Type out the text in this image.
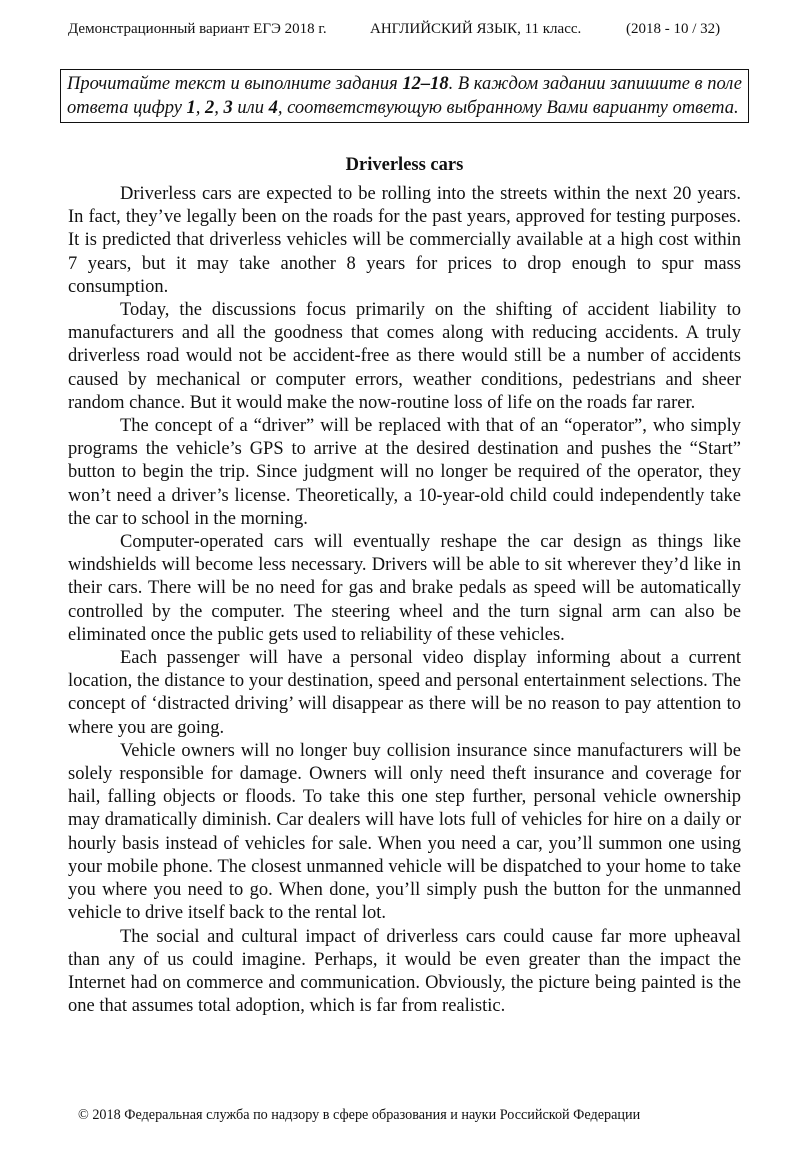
Демонстрационный вариант ЕГЭ 2018 г.	АНГЛИЙСКИЙ ЯЗЫК, 11 класс.	(2018 - 10 / 32)
Прочитайте текст и выполните задания 12–18. В каждом задании запишите в поле ответа цифру 1, 2, 3 или 4, соответствующую выбранному Вами варианту ответа.
Driverless cars

Driverless cars are expected to be rolling into the streets within the next 20 years. In fact, they’ve legally been on the roads for the past years, approved for testing purposes. It is predicted that driverless vehicles will be commercially available at a high cost within 7 years, but it may take another 8 years for prices to drop enough to spur mass consumption.

Today, the discussions focus primarily on the shifting of accident liability to manufacturers and all the goodness that comes along with reducing accidents. A truly driverless road would not be accident-free as there would still be a number of accidents caused by mechanical or computer errors, weather conditions, pedestrians and sheer random chance. But it would make the now-routine loss of life on the roads far rarer.

The concept of a “driver” will be replaced with that of an “operator”, who simply programs the vehicle’s GPS to arrive at the desired destination and pushes the “Start” button to begin the trip. Since judgment will no longer be required of the operator, they won’t need a driver’s license. Theoretically, a 10-year-old child could independently take the car to school in the morning.

Computer-operated cars will eventually reshape the car design as things like windshields will become less necessary. Drivers will be able to sit wherever they’d like in their cars. There will be no need for gas and brake pedals as speed will be automatically controlled by the computer. The steering wheel and the turn signal arm can also be eliminated once the public gets used to reliability of these vehicles.

Each passenger will have a personal video display informing about a current location, the distance to your destination, speed and personal entertainment selections. The concept of ‘distracted driving’ will disappear as there will be no reason to pay attention to where you are going.

Vehicle owners will no longer buy collision insurance since manufacturers will be solely responsible for damage. Owners will only need theft insurance and coverage for hail, falling objects or floods. To take this one step further, personal vehicle ownership may dramatically diminish. Car dealers will have lots full of vehicles for hire on a daily or hourly basis instead of vehicles for sale. When you need a car, you’ll summon one using your mobile phone. The closest unmanned vehicle will be dispatched to your home to take you where you need to go. When done, you’ll simply push the button for the unmanned vehicle to drive itself back to the rental lot.

The social and cultural impact of driverless cars could cause far more upheaval than any of us could imagine. Perhaps, it would be even greater than the impact the Internet had on commerce and communication. Obviously, the picture being painted is the one that assumes total adoption, which is far from realistic.

© 2018 Федеральная служба по надзору в сфере образования и науки Российской Федерации
